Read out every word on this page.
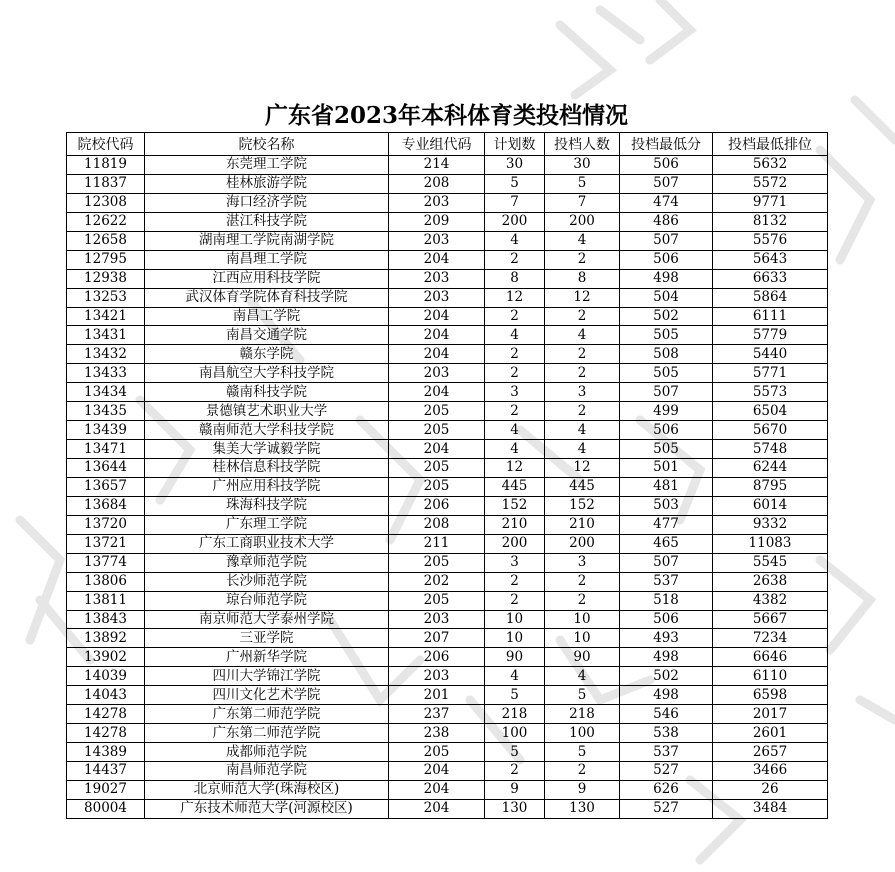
广东省2023年本科体育类投档情况
院校代码	院校名称	专业组代码	计划数	投档人数	投档最低分	投档最低排位
11819	东莞理工学院	214	30	30	506	5632
11837	桂林旅游学院	208	5	5	507	5572
12308	海口经济学院	203	7	7	474	9771
12622	湛江科技学院	209	200	200	486	8132
12658	湖南理工学院南湖学院	203	4	4	507	5576
12795	南昌理工学院	204	2	2	506	5643
12938	江西应用科技学院	203	8	8	498	6633
13253	武汉体育学院体育科技学院	203	12	12	504	5864
13421	南昌工学院	204	2	2	502	6111
13431	南昌交通学院	204	4	4	505	5779
13432	赣东学院	204	2	2	508	5440
13433	南昌航空大学科技学院	203	2	2	505	5771
13434	赣南科技学院	204	3	3	507	5573
13435	景德镇艺术职业大学	205	2	2	499	6504
13439	赣南师范大学科技学院	205	4	4	506	5670
13471	集美大学诚毅学院	204	4	4	505	5748
13644	桂林信息科技学院	205	12	12	501	6244
13657	广州应用科技学院	205	445	445	481	8795
13684	珠海科技学院	206	152	152	503	6014
13720	广东理工学院	208	210	210	477	9332
13721	广东工商职业技术大学	211	200	200	465	11083
13774	豫章师范学院	205	3	3	507	5545
13806	长沙师范学院	202	2	2	537	2638
13811	琼台师范学院	205	2	2	518	4382
13843	南京师范大学泰州学院	203	10	10	506	5667
13892	三亚学院	207	10	10	493	7234
13902	广州新华学院	206	90	90	498	6646
14039	四川大学锦江学院	203	4	4	502	6110
14043	四川文化艺术学院	201	5	5	498	6598
14278	广东第二师范学院	237	218	218	546	2017
14278	广东第二师范学院	238	100	100	538	2601
14389	成都师范学院	205	5	5	537	2657
14437	南昌师范学院	204	2	2	527	3466
19027	北京师范大学(珠海校区)	204	9	9	626	26
80004	广东技术师范大学(河源校区)	204	130	130	527	3484
